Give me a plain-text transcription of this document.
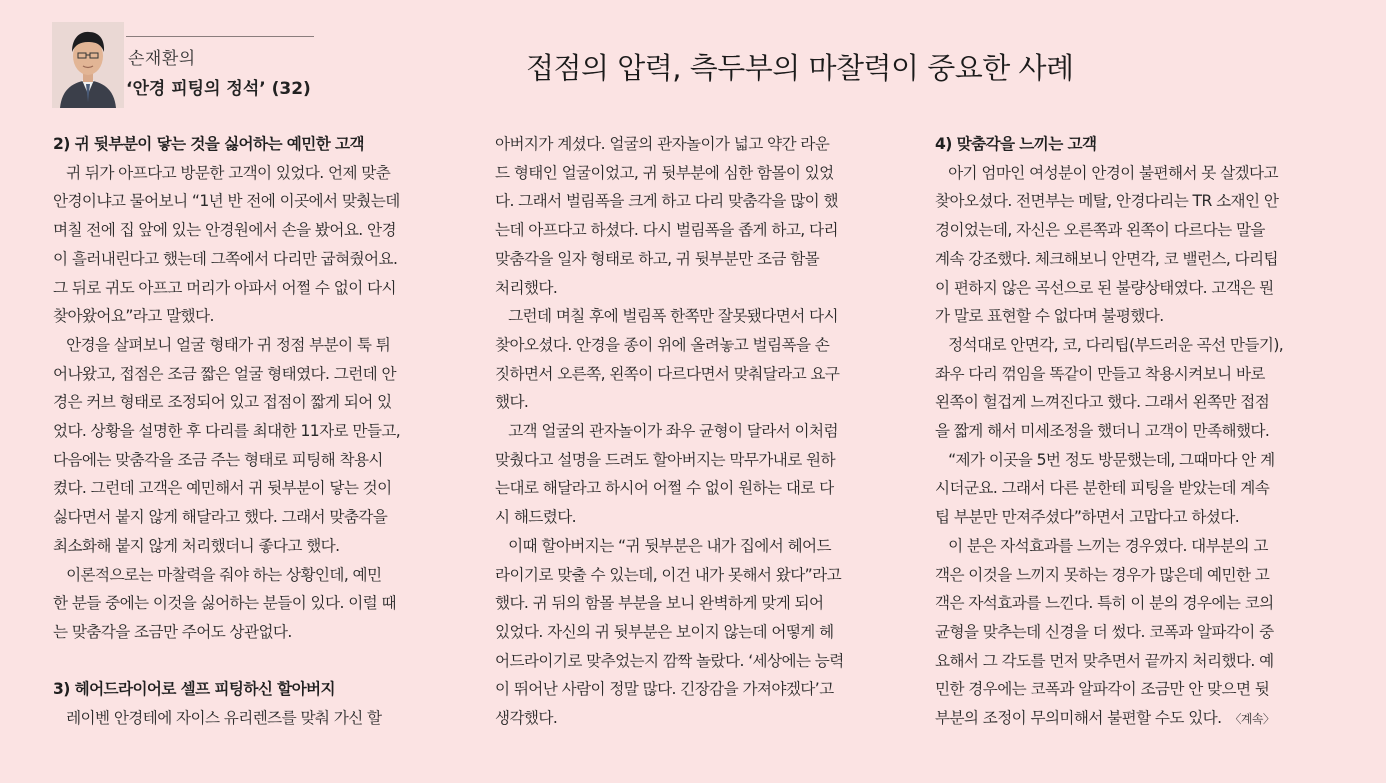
손재환의
‘안경 피팅의 정석’ (32)
접점의 압력, 측두부의 마찰력이 중요한 사례
2) 귀 뒷부분이 닿는 것을 싫어하는 예민한 고객
귀 뒤가 아프다고 방문한 고객이 있었다. 언제 맞춘
안경이냐고 물어보니 “1년 반 전에 이곳에서 맞췄는데
며칠 전에 집 앞에 있는 안경원에서 손을 봤어요. 안경
이 흘러내린다고 했는데 그쪽에서 다리만 굽혀줬어요.
그 뒤로 귀도 아프고 머리가 아파서 어쩔 수 없이 다시
찾아왔어요”라고 말했다.
안경을 살펴보니 얼굴 형태가 귀 정점 부분이 툭 튀
어나왔고, 접점은 조금 짧은 얼굴 형태였다. 그런데 안
경은 커브 형태로 조정되어 있고 접점이 짧게 되어 있
었다. 상황을 설명한 후 다리를 최대한 11자로 만들고,
다음에는 맞춤각을 조금 주는 형태로 피팅해 착용시
켰다. 그런데 고객은 예민해서 귀 뒷부분이 닿는 것이
싫다면서 붙지 않게 해달라고 했다. 그래서 맞춤각을
최소화해 붙지 않게 처리했더니 좋다고 했다.
이론적으로는 마찰력을 줘야 하는 상황인데, 예민
한 분들 중에는 이것을 싫어하는 분들이 있다. 이럴 때
는 맞춤각을 조금만 주어도 상관없다.
3) 헤어드라이어로 셀프 피팅하신 할아버지
레이벤 안경테에 자이스 유리렌즈를 맞춰 가신 할
아버지가 계셨다. 얼굴의 관자놀이가 넓고 약간 라운
드 형태인 얼굴이었고, 귀 뒷부분에 심한 함몰이 있었
다. 그래서 벌림폭을 크게 하고 다리 맞춤각을 많이 했
는데 아프다고 하셨다. 다시 벌림폭을 좁게 하고, 다리
맞춤각을 일자 형태로 하고, 귀 뒷부분만 조금 함몰
처리했다.
그런데 며칠 후에 벌림폭 한쪽만 잘못됐다면서 다시
찾아오셨다. 안경을 종이 위에 올려놓고 벌림폭을 손
짓하면서 오른쪽, 왼쪽이 다르다면서 맞춰달라고 요구
했다.
고객 얼굴의 관자놀이가 좌우 균형이 달라서 이처럼
맞췄다고 설명을 드려도 할아버지는 막무가내로 원하
는대로 해달라고 하시어 어쩔 수 없이 원하는 대로 다
시 해드렸다.
이때 할아버지는 “귀 뒷부분은 내가 집에서 헤어드
라이기로 맞출 수 있는데, 이건 내가 못해서 왔다”라고
했다. 귀 뒤의 함몰 부분을 보니 완벽하게 맞게 되어
있었다. 자신의 귀 뒷부분은 보이지 않는데 어떻게 헤
어드라이기로 맞추었는지 깜짝 놀랐다. ‘세상에는 능력
이 뛰어난 사람이 정말 많다. 긴장감을 가져야겠다’고
생각했다.
4) 맞춤각을 느끼는 고객
아기 엄마인 여성분이 안경이 불편해서 못 살겠다고
찾아오셨다. 전면부는 메탈, 안경다리는 TR 소재인 안
경이었는데, 자신은 오른쪽과 왼쪽이 다르다는 말을
계속 강조했다. 체크해보니 안면각, 코 밸런스, 다리팁
이 편하지 않은 곡선으로 된 불량상태였다. 고객은 뭔
가 말로 표현할 수 없다며 불평했다.
정석대로 안면각, 코, 다리팁(부드러운 곡선 만들기),
좌우 다리 꺾임을 똑같이 만들고 착용시켜보니 바로
왼쪽이 헐겁게 느껴진다고 했다. 그래서 왼쪽만 접점
을 짧게 해서 미세조정을 했더니 고객이 만족해했다.
“제가 이곳을 5번 정도 방문했는데, 그때마다 안 계
시더군요. 그래서 다른 분한테 피팅을 받았는데 계속
팁 부분만 만져주셨다”하면서 고맙다고 하셨다.
이 분은 자석효과를 느끼는 경우였다. 대부분의 고
객은 이것을 느끼지 못하는 경우가 많은데 예민한 고
객은 자석효과를 느낀다. 특히 이 분의 경우에는 코의
균형을 맞추는데 신경을 더 썼다. 코폭과 알파각이 중
요해서 그 각도를 먼저 맞추면서 끝까지 처리했다. 예
민한 경우에는 코폭과 알파각이 조금만 안 맞으면 뒷
부분의 조정이 무의미해서 불편할 수도 있다. 〈계속〉
